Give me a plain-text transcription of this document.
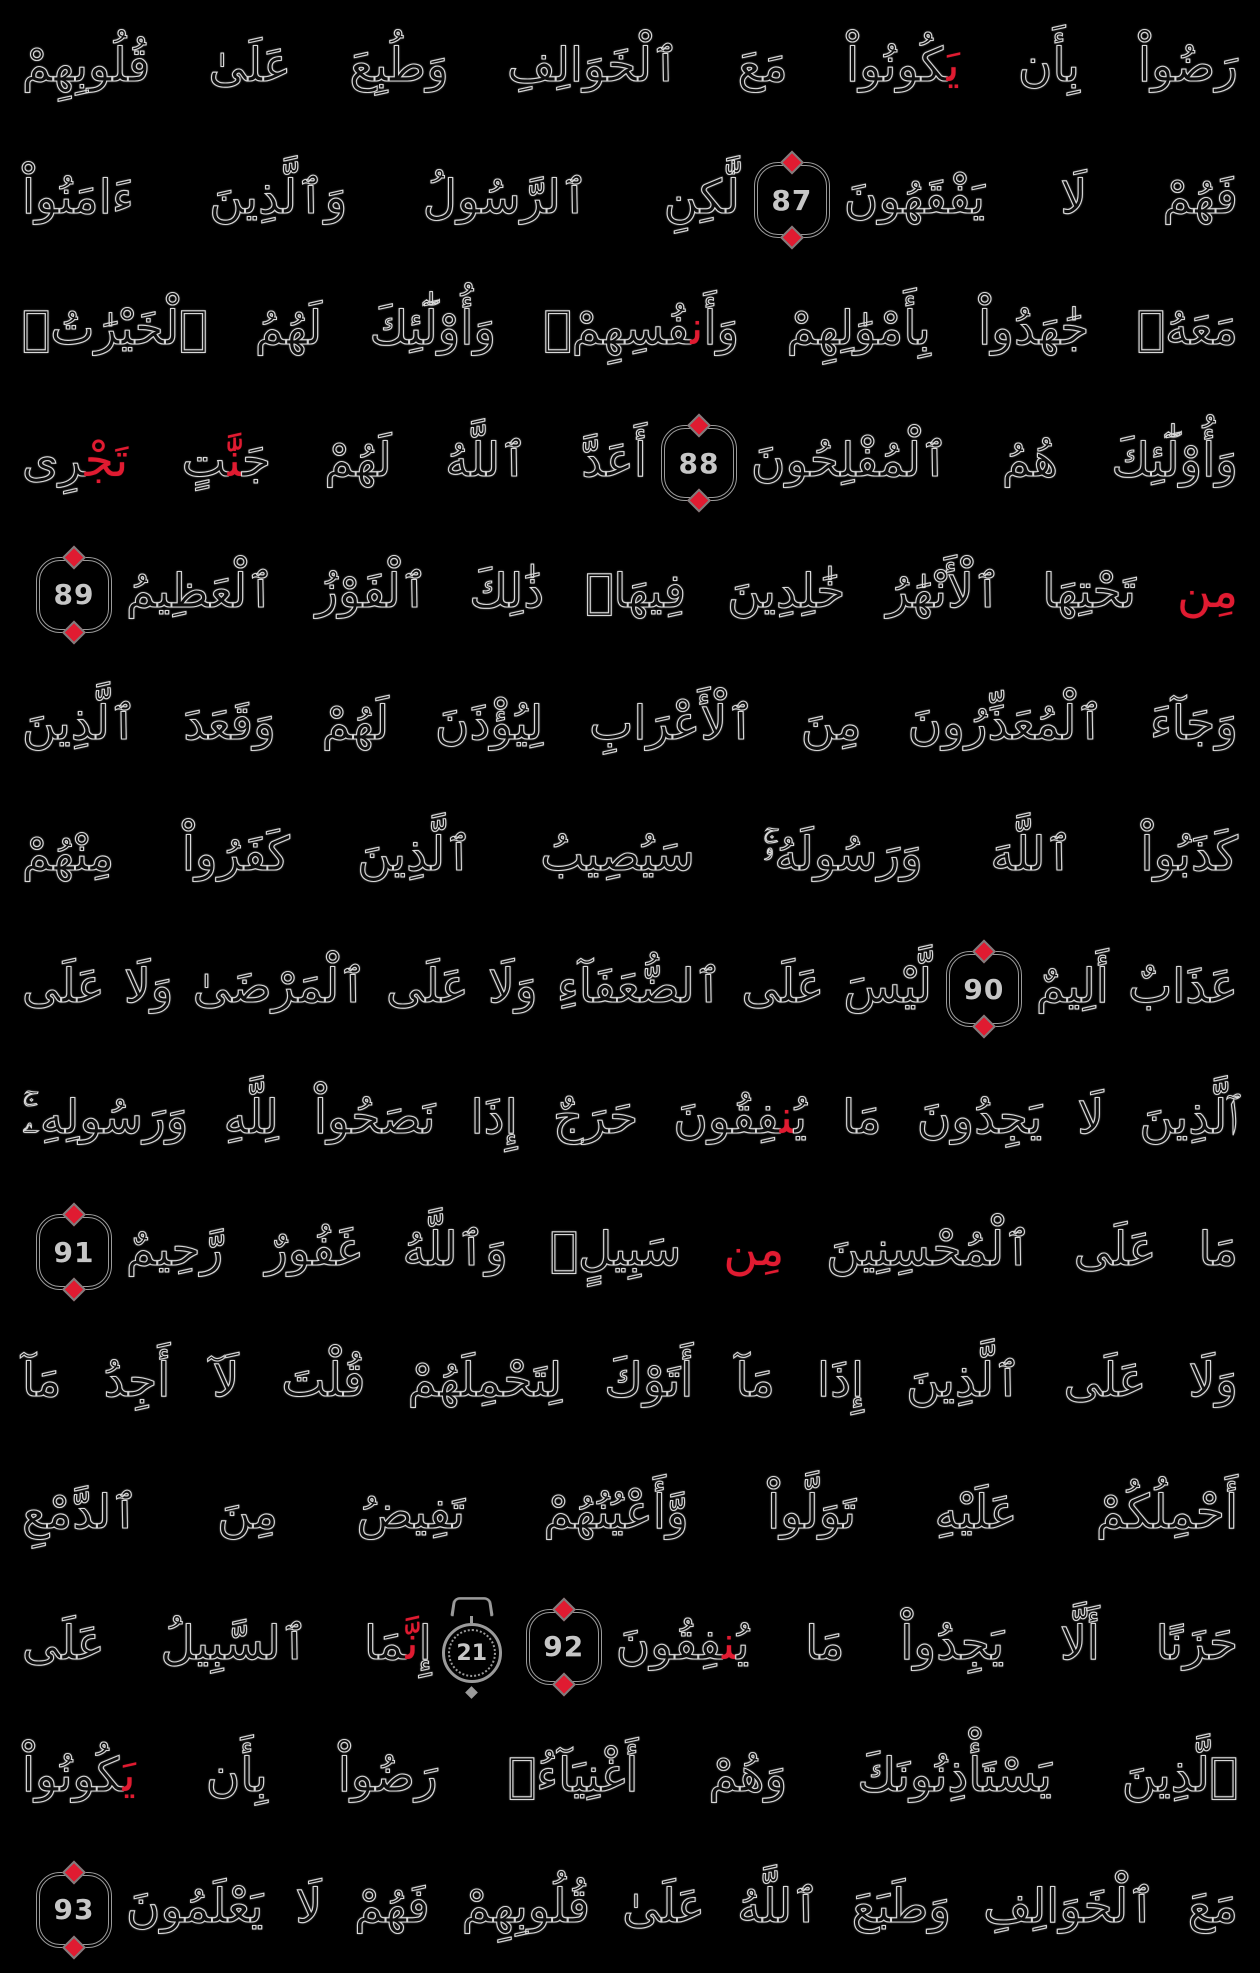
رَضُواْ بِأَن يَ‍‍كُونُواْ مَعَ ٱلْخَوَالِفِ وَطُبِعَ عَلَىٰ قُلُوبِهِمْ
فَهُمْ لَا يَفْقَهُونَ
87
لَّٰكِنِ ٱلرَّسُولُ وَٱلَّذِينَ ءَامَنُواْ
مَعَهُۥ جَٰهَدُواْ بِأَمْوَٰلِهِمْ وَأَن‍‍فُسِهِمْۚ وَأُوْلَٰٓئِكَ لَهُمُ ٱلْخَيْرَٰتُۖ
وَأُوْلَٰٓئِكَ هُمُ ٱلْمُفْلِحُونَ
88
أَعَدَّ ٱللَّهُ لَهُمْ جَ‍‍نَّٰ‍‍تٍ تَجْ‍‍رِى
مِن تَحْتِهَا ٱلْأَنْهَٰرُ خَٰلِدِينَ فِيهَاۚ ذَٰلِكَ ٱلْفَوْزُ ٱلْعَظِيمُ
89
وَجَآءَ ٱلْمُعَذِّرُونَ مِنَ ٱلْأَعْرَابِ لِيُؤْذَنَ لَهُمْ وَقَعَدَ ٱلَّذِينَ
كَذَبُواْ ٱللَّهَ وَرَسُولَهُۥۚ سَيُصِيبُ ٱلَّذِينَ كَفَرُواْ مِنْهُمْ
عَذَابٌ أَلِيمٌ
90
لَّيْسَ عَلَى ٱلضُّعَفَآءِ وَلَا عَلَى ٱلْمَرْضَىٰ وَلَا عَلَى
ٱلَّذِينَ لَا يَجِدُونَ مَا يُ‍‍ن‍‍فِقُونَ حَرَجٌ إِذَا نَصَحُواْ لِلَّهِ وَرَسُولِهِۦۚ
مَا عَلَى ٱلْمُحْسِنِينَ مِن سَبِيلٍۚ وَٱللَّهُ غَفُورٌ رَّحِيمٌ
91
وَلَا عَلَى ٱلَّذِينَ إِذَا مَآ أَتَوْكَ لِتَحْمِلَهُمْ قُلْتَ لَآ أَجِدُ مَآ
أَحْمِلُكُمْ عَلَيْهِ تَوَلَّواْ وَّأَعْيُنُهُمْ تَفِيضُ مِنَ ٱلدَّمْعِ
حَزَنًا أَلَّا يَجِدُواْ مَا يُ‍‍ن‍‍فِقُونَ
92
21
إِنَّ‍‍مَا ٱلسَّبِيلُ عَلَى
ٱلَّذِينَ يَسْتَأْذِنُونَكَ وَهُمْ أَغْنِيَآءُۚ رَضُواْ بِأَن يَ‍‍كُونُواْ
مَعَ ٱلْخَوَالِفِ وَطَبَعَ ٱللَّهُ عَلَىٰ قُلُوبِهِمْ فَهُمْ لَا يَعْلَمُونَ
93
